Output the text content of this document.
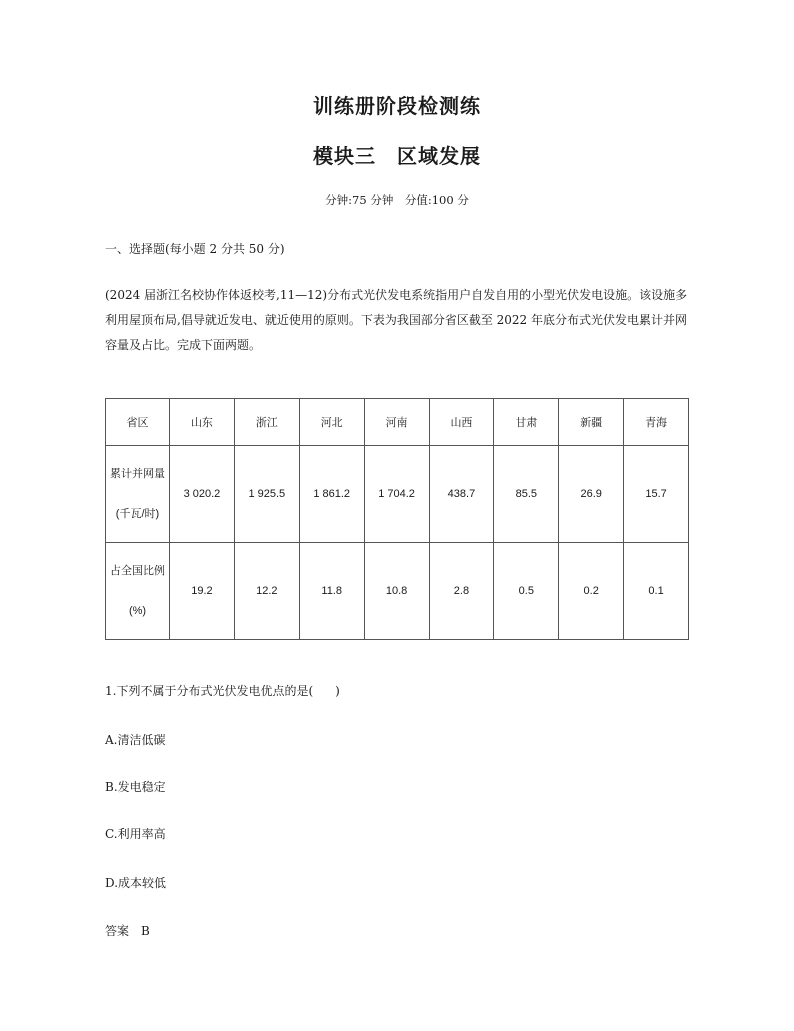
训练册阶段检测练
模块三　区域发展
分钟:75 分钟　分值:100 分
一、选择题(每小题 2 分共 50 分)

(2024 届浙江名校协作体返校考,11—12)分布式光伏发电系统指用户自发自用的小型光伏发电设施。该设施多

利用屋顶布局,倡导就近发电、就近使用的原则。下表为我国部分省区截至 2022 年底分布式光伏发电累计并网

容量及占比。完成下面两题。

省区	山东	浙江	河北	河南	山西	甘肃	新疆	青海

累计并网量
(千瓦/时)	3 020.2	1 925.5	1 861.2	1 704.2	438.7	85.5	26.9	15.7

占全国比例
(%)	19.2	12.2	11.8	10.8	2.8	0.5	0.2	0.1
1.下列不属于分布式光伏发电优点的是( )
A.清洁低碳
B.发电稳定
C.利用率高
D.成本较低
答案　B
